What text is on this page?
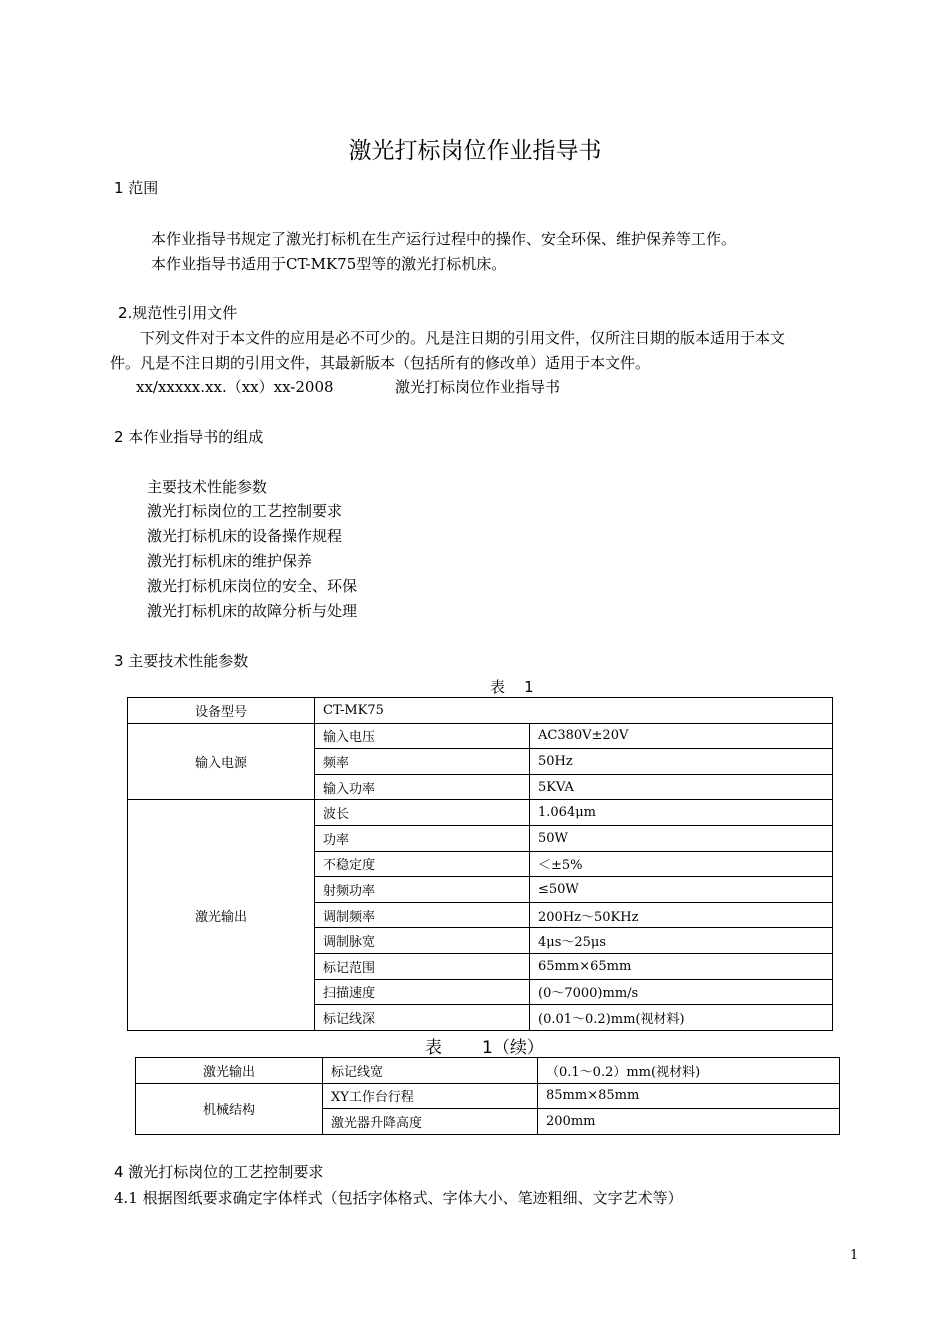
激光打标岗位作业指导书
1 范围
本作业指导书规定了激光打标机在生产运行过程中的操作、安全环保、维护保养等工作。
本作业指导书适用于CT-MK75型等的激光打标机床。
2.规范性引用文件
下列文件对于本文件的应用是必不可少的。凡是注日期的引用文件，仅所注日期的版本适用于本文
件。凡是不注日期的引用文件，其最新版本（包括所有的修改单）适用于本文件。
xx/xxxxx.xx.（xx）xx-2008	激光打标岗位作业指导书
2 本作业指导书的组成
主要技术性能参数
激光打标岗位的工艺控制要求
激光打标机床的设备操作规程
激光打标机床的维护保养
激光打标机床岗位的安全、环保
激光打标机床的故障分析与处理
3 主要技术性能参数
表    1
设备型号	CT-MK75	
输入电源	输入电压	AC380V±20V
	频率	50Hz
	输入功率	5KVA
激光输出	波长	1.064μm
	功率	50W
	不稳定度	＜±5%
	射频功率	≤50W
	调制频率	200Hz～50KHz
	调制脉宽	4μs～25μs
	标记范围	65mm×65mm
	扫描速度	(0～7000)mm/s
	标记线深	(0.01～0.2)mm(视材料)
表 1（续）
激光输出	标记线宽	（0.1～0.2）mm(视材料)
机械结构	XY工作台行程	85mm×85mm
	激光器升降高度	200mm
4 激光打标岗位的工艺控制要求
4.1 根据图纸要求确定字体样式（包括字体格式、字体大小、笔迹粗细、文字艺术等）
1
